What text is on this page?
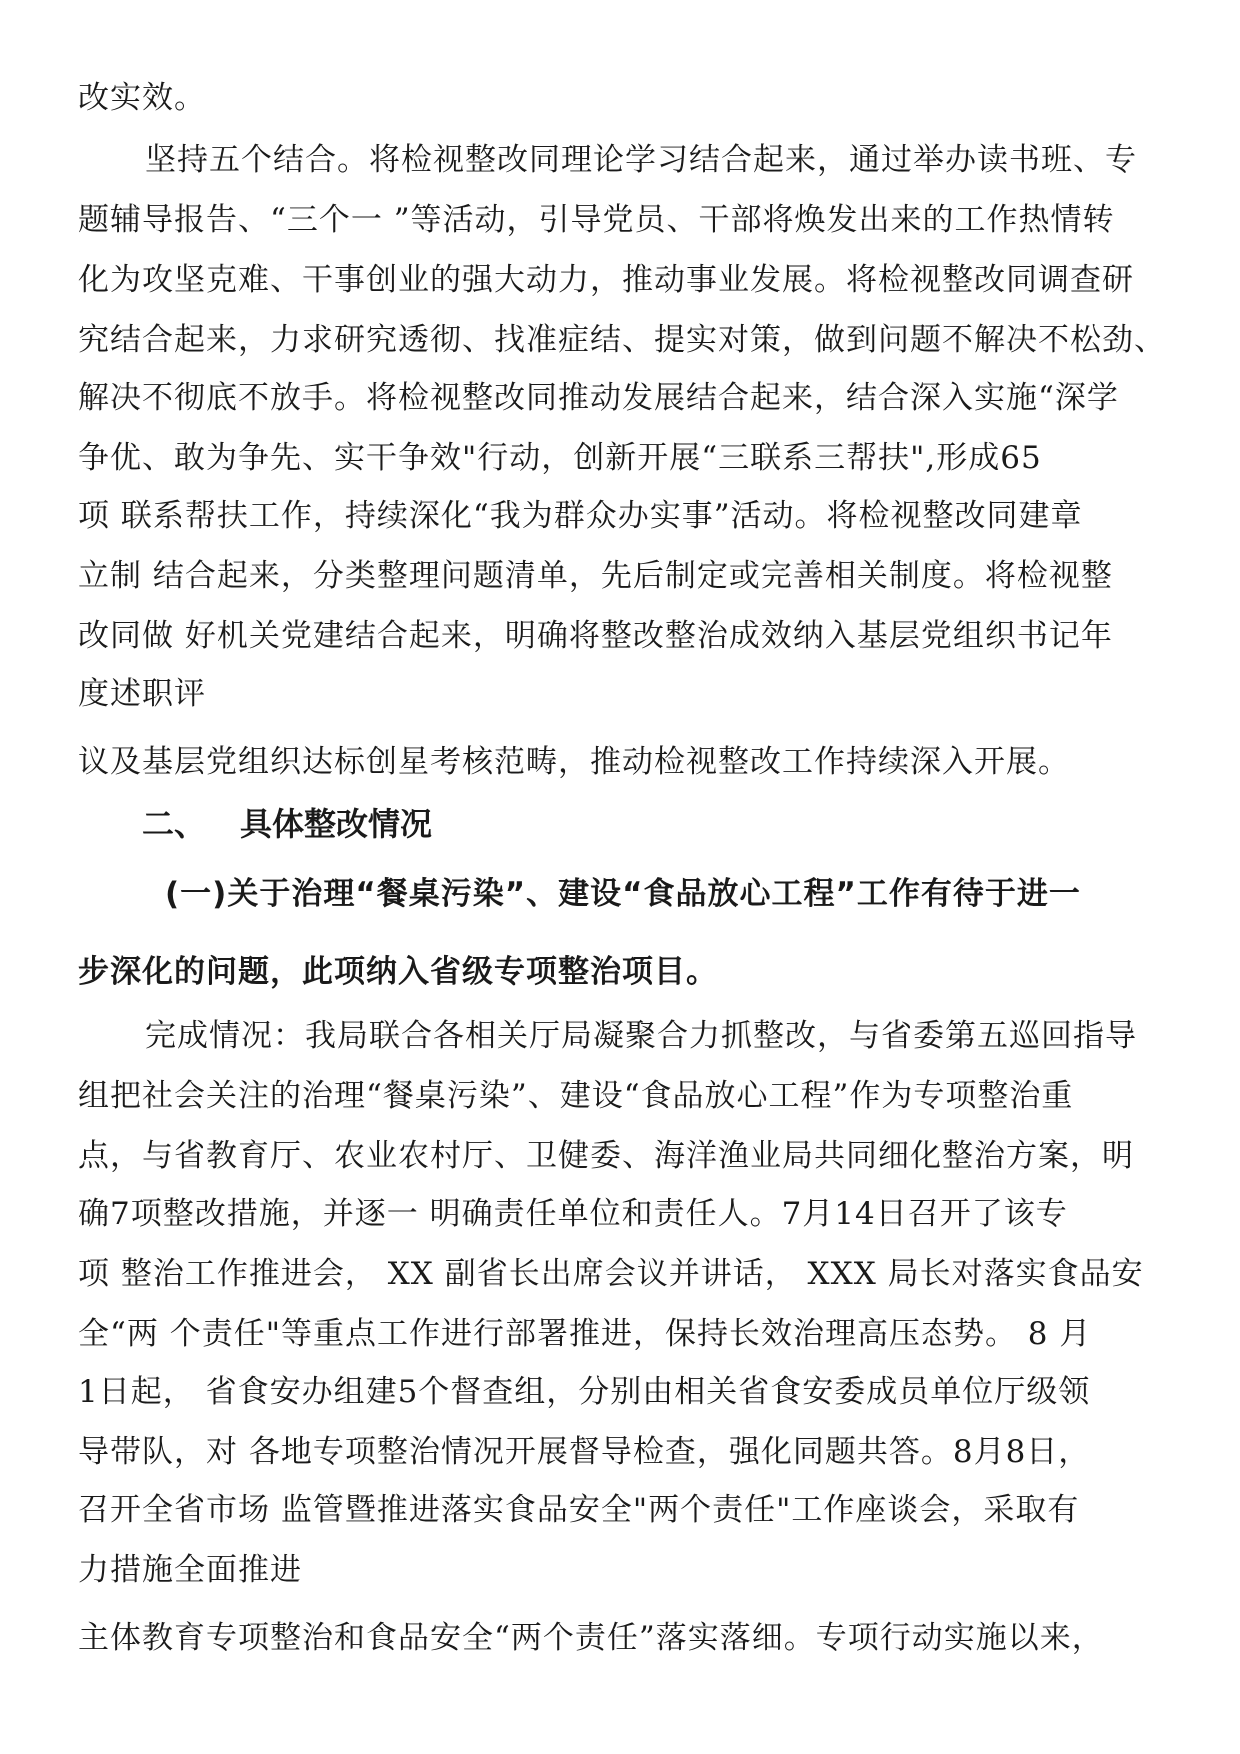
改实效。
坚持五个结合。将检视整改同理论学习结合起来，通过举办读书班、专
题辅导报告、“三个一 ”等活动，引导党员、干部将焕发出来的工作热情转
化为攻坚克难、干事创业的强大动力，推动事业发展。将检视整改同调查研
究结合起来，力求研究透彻、找准症结、提实对策，做到问题不解决不松劲、
解决不彻底不放手。将检视整改同推动发展结合起来，结合深入实施“深学
争优、敢为争先、实干争效"行动，创新开展“三联系三帮扶",形成65
项 联系帮扶工作，持续深化“我为群众办实事”活动。将检视整改同建章
立制 结合起来，分类整理问题清单，先后制定或完善相关制度。将检视整
改同做 好机关党建结合起来，明确将整改整治成效纳入基层党组织书记年
度述职评
议及基层党组织达标创星考核范畴，推动检视整改工作持续深入开展。
二、 具体整改情况
(一)关于治理“餐桌污染”、建设“食品放心工程”工作有待于进一
步深化的问题，此项纳入省级专项整治项目。
完成情况：我局联合各相关厅局凝聚合力抓整改，与省委第五巡回指导
组把社会关注的治理“餐桌污染”、建设“食品放心工程”作为专项整治重
点，与省教育厅、农业农村厅、卫健委、海洋渔业局共同细化整治方案，明
确7项整改措施，并逐一 明确责任单位和责任人。7月14日召开了该专
项 整治工作推进会， XX 副省长出席会议并讲话， XXX 局长对落实食品安
全“两 个责任"等重点工作进行部署推进，保持长效治理高压态势。 8 月
1日起， 省食安办组建5个督查组，分别由相关省食安委成员单位厅级领
导带队，对 各地专项整治情况开展督导检查，强化同题共答。8月8日，
召开全省市场 监管暨推进落实食品安全"两个责任"工作座谈会，采取有
力措施全面推进
主体教育专项整治和食品安全“两个责任”落实落细。专项行动实施以来，
